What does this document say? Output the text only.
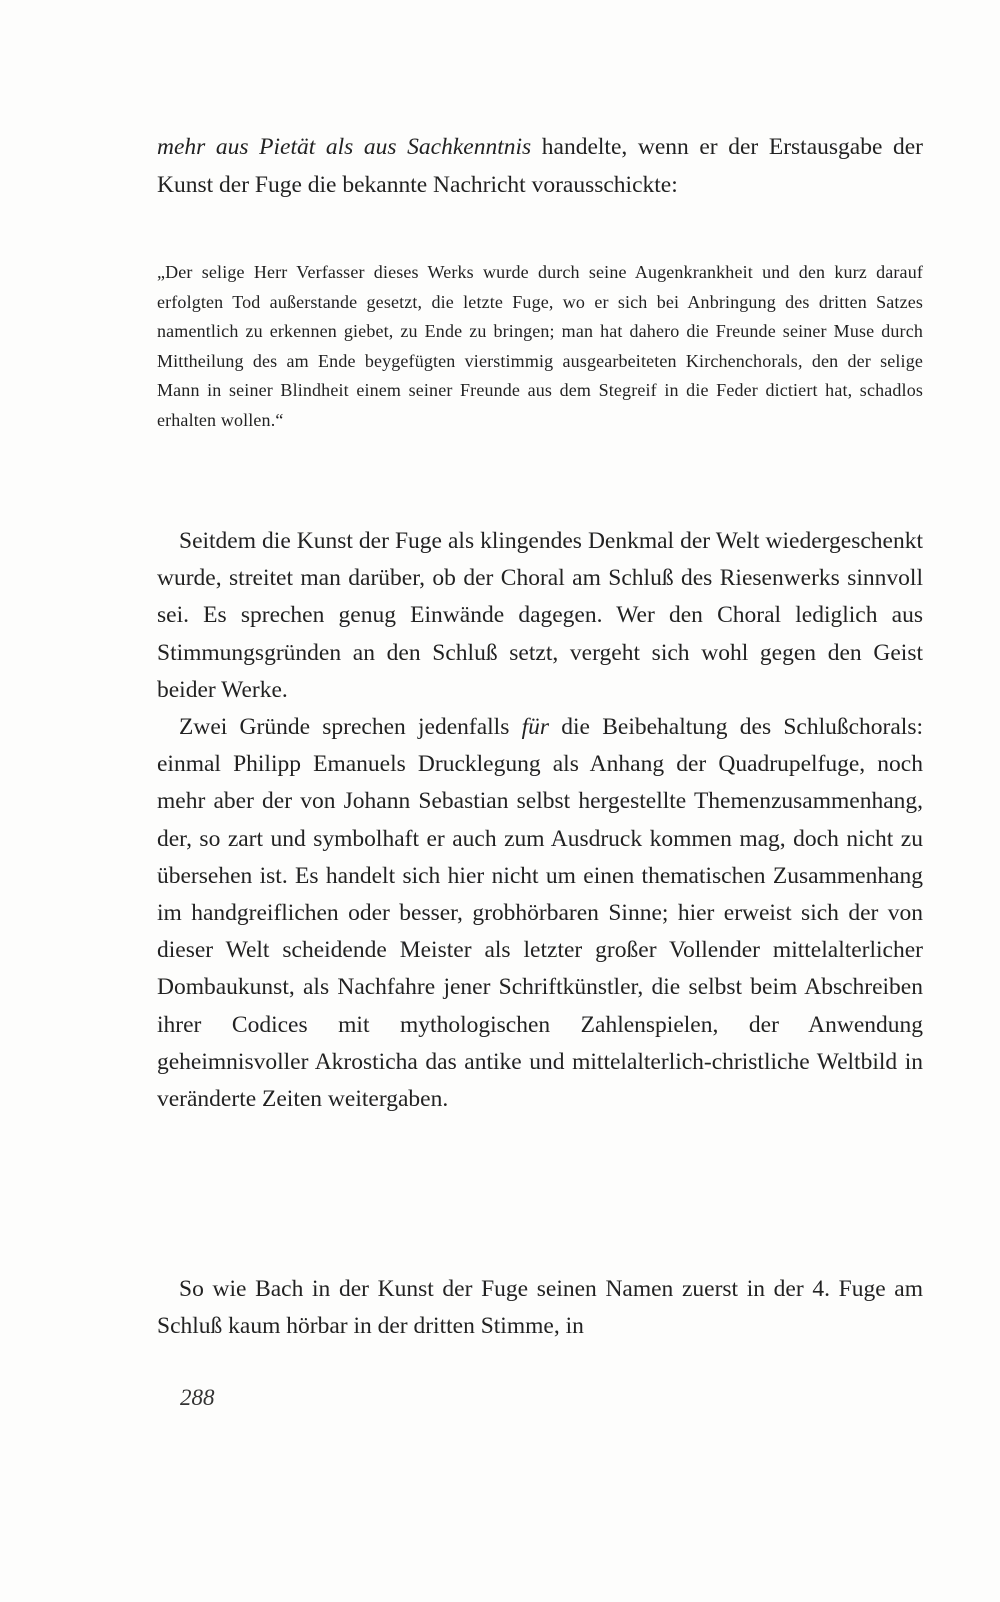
mehr aus Pietät als aus Sachkenntnis handelte, wenn er der Erstausgabe der Kunst der Fuge die bekannte Nachricht vorausschickte:

„Der selige Herr Verfasser dieses Werks wurde durch seine Augenkrankheit und den kurz darauf erfolgten Tod außerstande gesetzt, die letzte Fuge, wo er sich bei Anbringung des dritten Satzes namentlich zu erkennen giebet, zu Ende zu bringen; man hat dahero die Freunde seiner Muse durch Mittheilung des am Ende beygefügten vierstimmig ausgearbeiteten Kirchenchorals, den der selige Mann in seiner Blindheit einem seiner Freunde aus dem Stegreif in die Feder dictiert hat, schadlos erhalten wollen.“

Seitdem die Kunst der Fuge als klingendes Denkmal der Welt wiedergeschenkt wurde, streitet man darüber, ob der Choral am Schluß des Riesenwerks sinnvoll sei. Es sprechen genug Einwände dagegen. Wer den Choral lediglich aus Stimmungsgründen an den Schluß setzt, vergeht sich wohl gegen den Geist beider Werke.

Zwei Gründe sprechen jedenfalls für die Beibehaltung des Schlußchorals: einmal Philipp Emanuels Drucklegung als Anhang der Quadrupelfuge, noch mehr aber der von Johann Sebastian selbst hergestellte Themenzusammenhang, der, so zart und symbolhaft er auch zum Ausdruck kommen mag, doch nicht zu übersehen ist. Es handelt sich hier nicht um einen thematischen Zusammenhang im handgreiflichen oder besser, grobhörbaren Sinne; hier erweist sich der von dieser Welt scheidende Meister als letzter großer Vollender mittelalterlicher Dombaukunst, als Nachfahre jener Schriftkünstler, die selbst beim Abschreiben ihrer Codices mit mythologischen Zahlenspielen, der Anwendung geheimnisvoller Akrosticha das antike und mittelalterlich-christliche Weltbild in veränderte Zeiten weitergaben.

So wie Bach in der Kunst der Fuge seinen Namen zuerst in der 4. Fuge am Schluß kaum hörbar in der dritten Stimme, in

288
